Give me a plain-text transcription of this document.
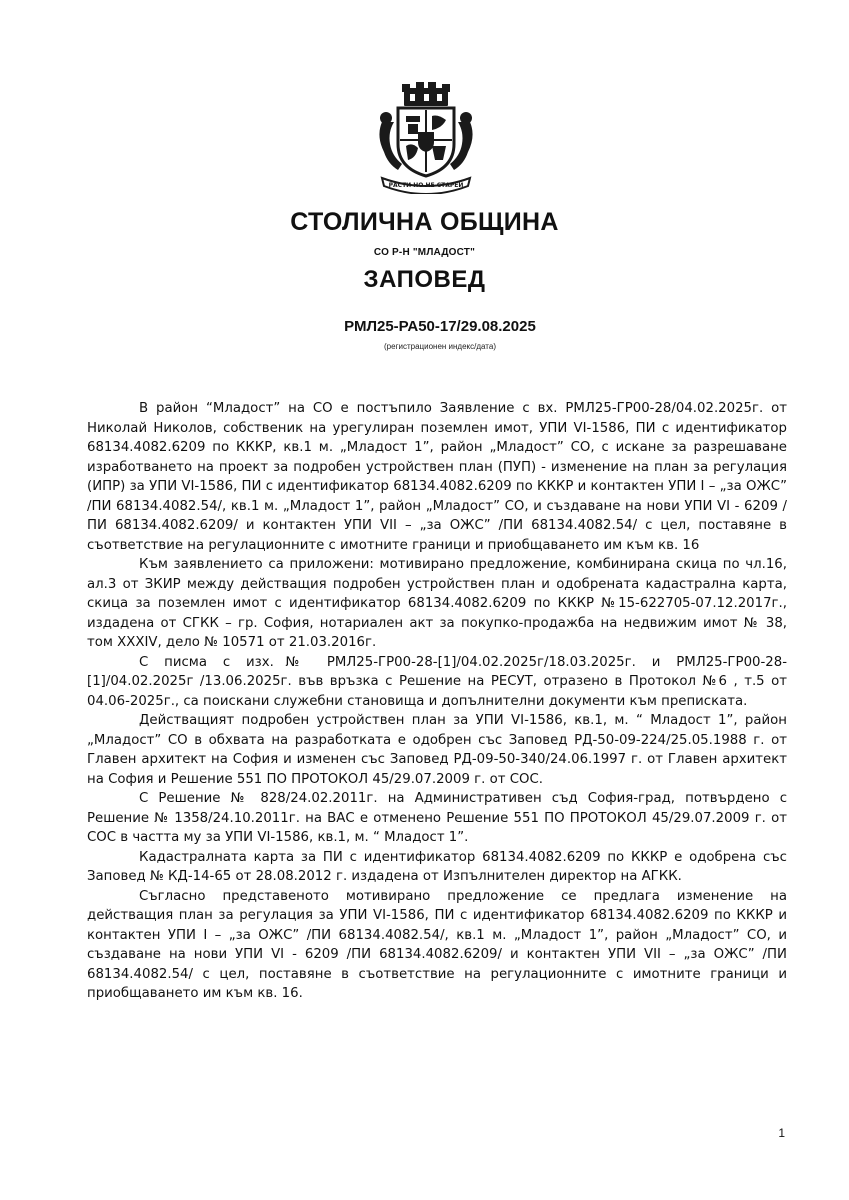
РАСТИ НО НЕ СТАРЕЙ
СТОЛИЧНА ОБЩИНА
СО Р-Н "МЛАДОСТ"
ЗАПОВЕД
РМЛ25-РА50-17/29.08.2025
(регистрационен индекс/дата)

В район “Младост” на СО е постъпило Заявление с вх. РМЛ25-ГР00-28/04.02.2025г. от Николай Николов, собственик на урегулиран поземлен имот, УПИ VI-1586, ПИ с идентификатор 68134.4082.6209 по КККР, кв.1 м. „Младост 1”, район „Младост” СО, с искане за разрешаване изработването на проект за подробен устройствен план (ПУП) - изменение на план за регулация (ИПР) за УПИ VI-1586, ПИ с идентификатор 68134.4082.6209 по КККР и контактен УПИ I – „за ОЖС” /ПИ 68134.4082.54/, кв.1 м. „Младост 1”, район „Младост” СО, и създаване на нови УПИ VI - 6209 /ПИ 68134.4082.6209/ и контактен УПИ VII – „за ОЖС” /ПИ 68134.4082.54/ с цел, поставяне в съответствие на регулационните с имотните граници и приобщаването им към кв. 16

Към заявлението са приложени: мотивирано предложение, комбинирана скица по чл.16, ал.3 от ЗКИР между действащия подробен устройствен план и одобрената кадастрална карта, скица за поземлен имот с идентификатор 68134.4082.6209 по КККР №15-622705-07.12.2017г., издадена от СГКК – гр. София, нотариален акт за покупко-продажба на недвижим имот № 38, том XXXIV, дело № 10571 от 21.03.2016г.

С писма с изх.№ РМЛ25-ГР00-28-[1]/04.02.2025г/18.03.2025г. и РМЛ25-ГР00-28-[1]/04.02.2025г /13.06.2025г. във връзка с Решение на РЕСУТ, отразено в Протокол №6 , т.5 от 04.06-2025г., са поискани служебни становища и допълнителни документи към преписката.

Действащият подробен устройствен план за УПИ VI-1586, кв.1, м. “ Младост 1”, район „Младост” СО в обхвата на разработката е одобрен със Заповед РД-50-09-224/25.05.1988 г. от Главен архитект на София и изменен със Заповед РД-09-50-340/24.06.1997 г. от Главен архитект на София и Решение 551 ПО ПРОТОКОЛ 45/29.07.2009 г. от СОС.

С Решение № 828/24.02.2011г. на Административен съд София-град, потвърдено с Решение № 1358/24.10.2011г. на ВАС е отменено Решение 551 ПО ПРОТОКОЛ 45/29.07.2009 г. от СОС в частта му за УПИ VI-1586, кв.1, м. “ Младост 1”.

Кадастралната карта за ПИ с идентификатор 68134.4082.6209 по КККР е одобрена със Заповед № КД-14-65 от 28.08.2012 г. издадена от Изпълнителен директор на АГКК.

Съгласно представеното мотивирано предложение се предлага изменение на действащия план за регулация за УПИ VI-1586, ПИ с идентификатор 68134.4082.6209 по КККР и контактен УПИ I – „за ОЖС” /ПИ 68134.4082.54/, кв.1 м. „Младост 1”, район „Младост” СО, и създаване на нови УПИ VI - 6209 /ПИ 68134.4082.6209/ и контактен УПИ VII – „за ОЖС” /ПИ 68134.4082.54/ с цел, поставяне в съответствие на регулационните с имотните граници и приобщаването им към кв. 16.

1
